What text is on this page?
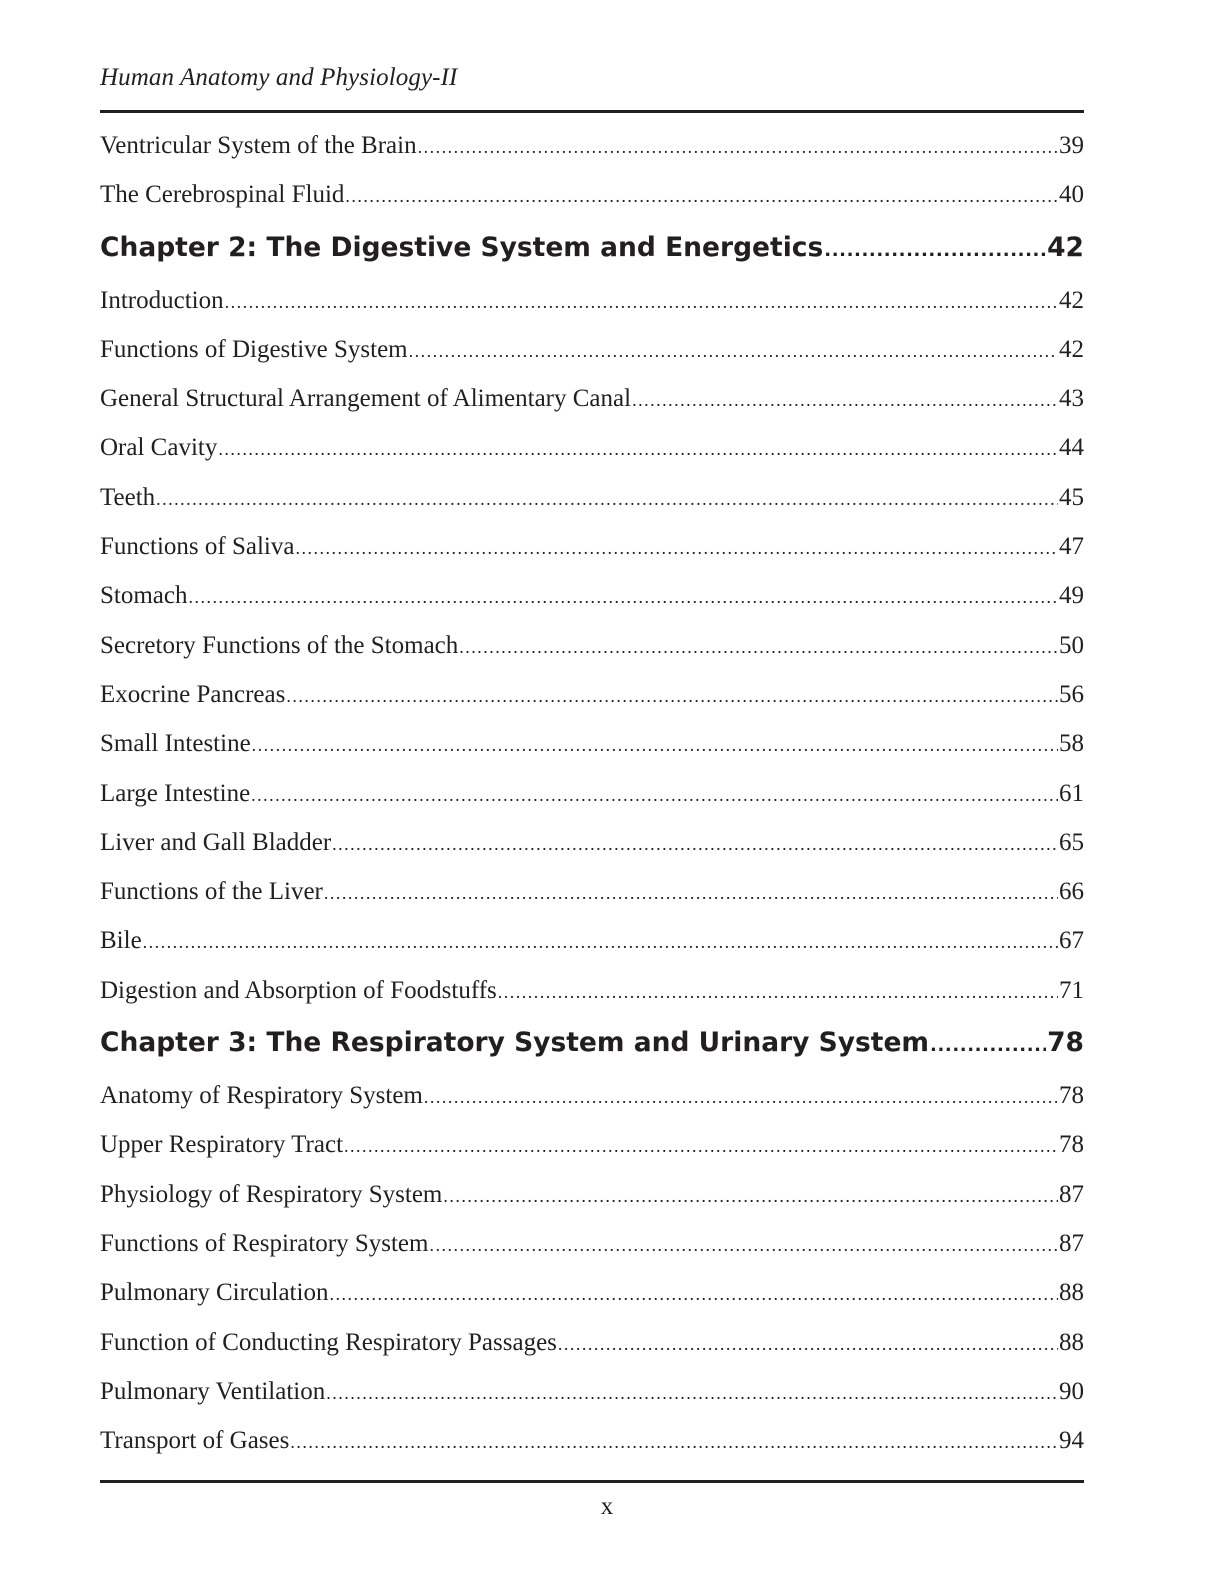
Human Anatomy and Physiology-II
Ventricular System of the Brain .....	39
The Cerebrospinal Fluid .....	40
Chapter 2: The Digestive System and Energetics .....	42
Introduction .....	42
Functions of Digestive System .....	42
General Structural Arrangement of Alimentary Canal .....	43
Oral Cavity .....	44
Teeth .....	45
Functions of Saliva .....	47
Stomach .....	49
Secretory Functions of the Stomach .....	50
Exocrine Pancreas .....	56
Small Intestine .....	58
Large Intestine .....	61
Liver and Gall Bladder .....	65
Functions of the Liver .....	66
Bile .....	67
Digestion and Absorption of Foodstuffs .....	71
Chapter 3: The Respiratory System and Urinary System .....	78
Anatomy of Respiratory System .....	78
Upper Respiratory Tract .....	78
Physiology of Respiratory System .....	87
Functions of Respiratory System .....	87
Pulmonary Circulation .....	88
Function of Conducting Respiratory Passages .....	88
Pulmonary Ventilation .....	90
Transport of Gases .....	94
x
